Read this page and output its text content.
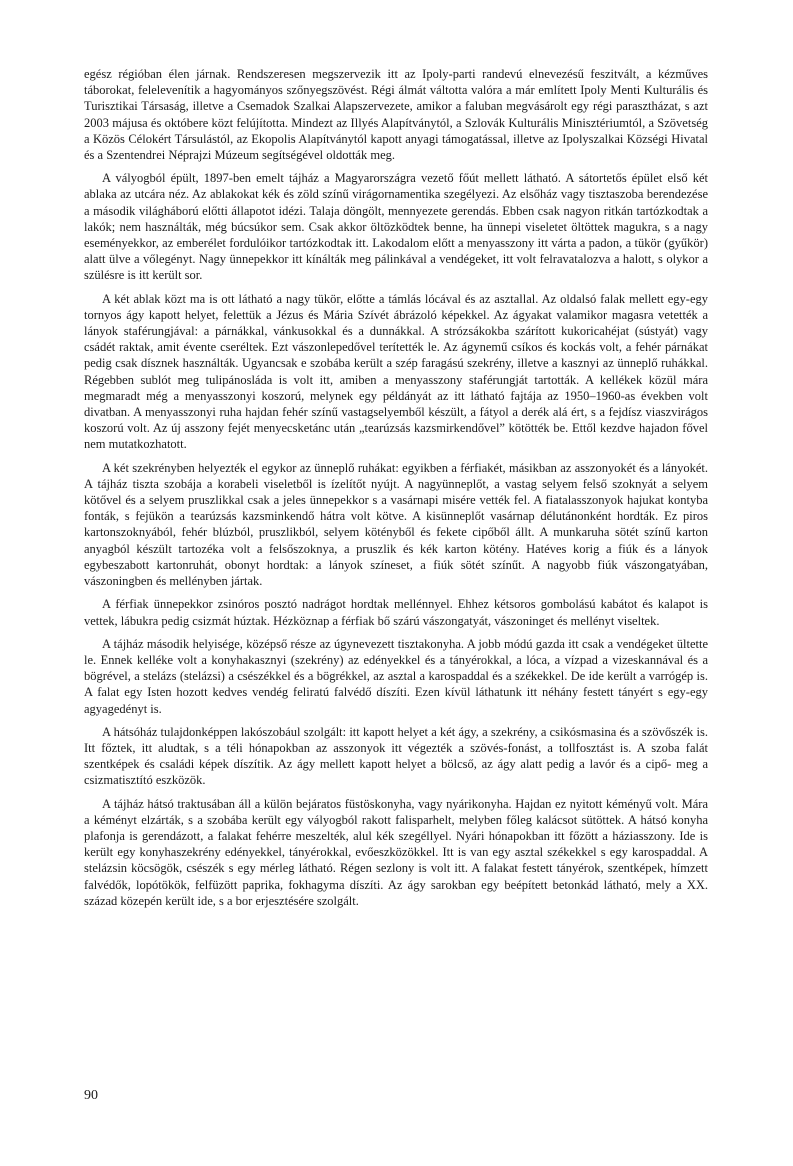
egész régióban élen járnak. Rendszeresen megszervezik itt az Ipoly-parti randevú elnevezésű feszitvált, a kézműves táborokat, felelevenítik a hagyományos szőnyegszövést. Régi álmát váltotta valóra a már említett Ipoly Menti Kulturális és Turisztikai Társaság, illetve a Csemadok Szalkai Alapszervezete, amikor a faluban megvásárolt egy régi parasztházat, s azt 2003 májusa és októbere közt felújította. Mindezt az Illyés Alapítványtól, a Szlovák Kulturális Minisztériumtól, a Szövetség a Közös Célokért Társulástól, az Ekopolis Alapítványtól kapott anyagi támogatással, illetve az Ipolyszalkai Községi Hivatal és a Szentendrei Néprajzi Múzeum segítségével oldották meg.

A vályogból épült, 1897-ben emelt tájház a Magyarországra vezető főút mellett látható. A sátortetős épület első két ablaka az utcára néz. Az ablakokat kék és zöld színű virágornamentika szegélyezi. Az elsőház vagy tisztaszoba berendezése a második világháború előtti állapotot idézi. Talaja döngölt, mennyezete gerendás. Ebben csak nagyon ritkán tartózkodtak a lakók; nem használták, még búcsúkor sem. Csak akkor öltözködtek benne, ha ünnepi viseletet öltöttek magukra, s a nagy eseményekkor, az emberélet fordulóikor tartózkodtak itt. Lakodalom előtt a menyasszony itt várta a padon, a tükör (gyűkör) alatt ülve a vőlegényt. Nagy ünnepekkor itt kínálták meg pálinkával a vendégeket, itt volt felravatalozva a halott, s olykor a szülésre is itt került sor.

A két ablak közt ma is ott látható a nagy tükör, előtte a támlás lócával és az asztallal. Az oldalsó falak mellett egy-egy tornyos ágy kapott helyet, felettük a Jézus és Mária Szívét ábrázoló képekkel. Az ágyakat valamikor magasra vetették a lányok staférungjával: a párnákkal, vánkusokkal és a dunnákkal. A strózsákokba szárított kukoricahéjat (sústyát) vagy csádét raktak, amit évente cseréltek. Ezt vászonlepedővel terítették le. Az ágynemű csíkos és kockás volt, a fehér párnákat pedig csak dísznek használták. Ugyancsak e szobába került a szép faragású szekrény, illetve a kasznyi az ünneplő ruhákkal. Régebben sublót meg tulipánosláda is volt itt, amiben a menyasszony staférungját tartották. A kellékek közül mára megmaradt még a menyasszonyi koszorú, melynek egy példányát az itt látható fajtája az 1950–1960-as években volt divatban. A menyasszonyi ruha hajdan fehér színű vastagselyemből készült, a fátyol a derék alá ért, s a fejdísz viaszvirágos koszorú volt. Az új asszony fejét menyecsketánc után „tearúzsás kazsmirkendővel” kötötték be. Ettől kezdve hajadon fővel nem mutatkozhatott.

A két szekrényben helyezték el egykor az ünneplő ruhákat: egyikben a férfiakét, másikban az asszonyokét és a lányokét. A tájház tiszta szobája a korabeli viseletből is ízelítőt nyújt. A nagyünneplőt, a vastag selyem felső szoknyát a selyem kötővel és a selyem pruszlikkal csak a jeles ünnepekkor s a vasárnapi misére vették fel. A fiatalasszonyok hajukat kontyba fonták, s fejükön a tearúzsás kazsminkendő hátra volt kötve. A kisünneplőt vasárnap délutánonként hordták. Ez piros kartonszoknyából, fehér blúzból, pruszlikból, selyem kötényből és fekete cipőből állt. A munkaruha sötét színű karton anyagból készült tartozéka volt a felsőszoknya, a pruszlik és kék karton kötény. Hatéves korig a fiúk és a lányok egybeszabott kartonruhát, obonyt hordtak: a lányok színeset, a fiúk sötét színűt. A nagyobb fiúk vászongatyában, vászoningben és mellényben jártak.

A férfiak ünnepekkor zsinóros posztó nadrágot hordtak mellénnyel. Ehhez kétsoros gombolású kabátot és kalapot is vettek, lábukra pedig csizmát húztak. Hézköznap a férfiak bő szárú vászongatyát, vászoninget és mellényt viseltek.

A tájház második helyisége, középső része az úgynevezett tisztakonyha. A jobb módú gazda itt csak a vendégeket ültette le. Ennek kelléke volt a konyhakasznyi (szekrény) az edényekkel és a tányérokkal, a lóca, a vízpad a vizeskannával és a bögrével, a stelázs (stelázsi) a csészékkel és a bögrékkel, az asztal a karospaddal és a székekkel. De ide került a varrógép is. A falat egy Isten hozott kedves vendég feliratú falvédő díszíti. Ezen kívül láthatunk itt néhány festett tányért s egy-egy agyagedényt is.

A hátsóház tulajdonképpen lakószobául szolgált: itt kapott helyet a két ágy, a szekrény, a csikósmasina és a szövőszék is. Itt főztek, itt aludtak, s a téli hónapokban az asszonyok itt végezték a szövés-fonást, a tollfosztást is. A szoba falát szentképek és családi képek díszítik. Az ágy mellett kapott helyet a bölcső, az ágy alatt pedig a lavór és a cipő- meg a csizmatisztító eszközök.

A tájház hátsó traktusában áll a külön bejáratos füstöskonyha, vagy nyárikonyha. Hajdan ez nyitott kéményű volt. Mára a kéményt elzárták, s a szobába került egy vályogból rakott falisparhelt, melyben főleg kalácsot sütöttek. A hátsó konyha plafonja is gerendázott, a falakat fehérre meszelték, alul kék szegéllyel. Nyári hónapokban itt főzött a háziasszony. Ide is került egy konyhaszekrény edényekkel, tányérokkal, evőeszközökkel. Itt is van egy asztal székekkel s egy karospaddal. A stelázsin köcsögök, csészék s egy mérleg látható. Régen sezlony is volt itt. A falakat festett tányérok, szentképek, hímzett falvédők, lopótökök, felfüzött paprika, fokhagyma díszíti. Az ágy sarokban egy beépített betonkád látható, mely a XX. század közepén került ide, s a bor erjesztésére szolgált.

90
